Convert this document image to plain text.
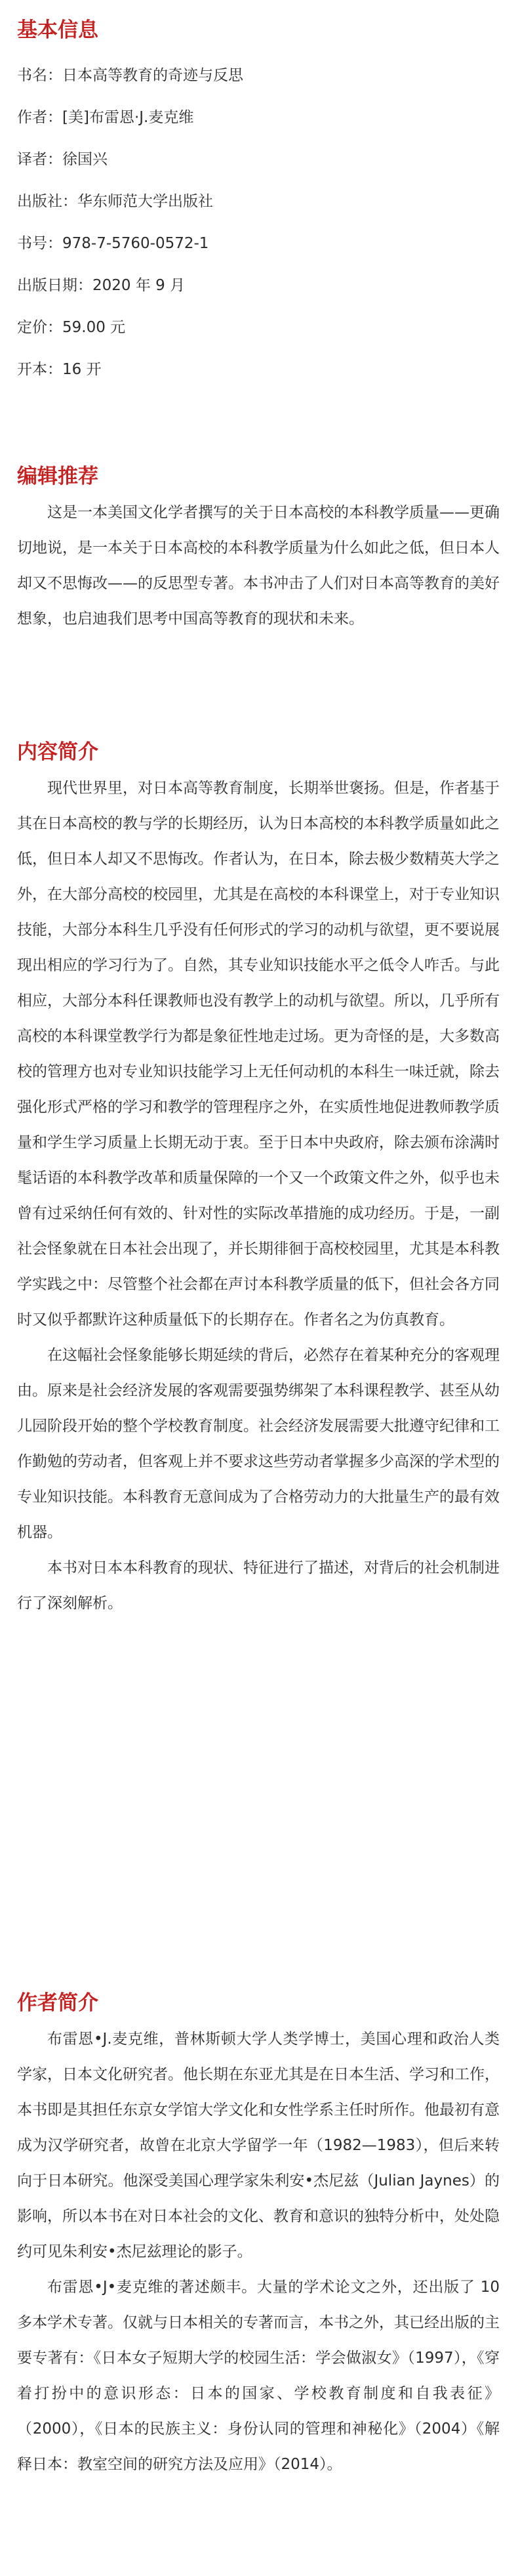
基本信息
书名：日本高等教育的奇迹与反思
作者：[美]布雷恩·J.麦克维
译者：徐国兴
出版社：华东师范大学出版社
书号：978-7-5760-0572-1
出版日期：2020 年 9 月
定价：59.00 元
开本：16 开
编辑推荐

这是一本美国文化学者撰写的关于日本高校的本科教学质量——更确切地说，是一本关于日本高校的本科教学质量为什么如此之低，但日本人却又不思悔改——的反思型专著。本书冲击了人们对日本高等教育的美好想象，也启迪我们思考中国高等教育的现状和未来。

内容简介

现代世界里，对日本高等教育制度，长期举世褒扬。但是，作者基于其在日本高校的教与学的长期经历，认为日本高校的本科教学质量如此之低，但日本人却又不思悔改。作者认为，在日本，除去极少数精英大学之外，在大部分高校的校园里，尤其是在高校的本科课堂上，对于专业知识技能，大部分本科生几乎没有任何形式的学习的动机与欲望，更不要说展现出相应的学习行为了。自然，其专业知识技能水平之低令人咋舌。与此相应，大部分本科任课教师也没有教学上的动机与欲望。所以，几乎所有高校的本科课堂教学行为都是象征性地走过场。更为奇怪的是，大多数高校的管理方也对专业知识技能学习上无任何动机的本科生一味迁就，除去强化形式严格的学习和教学的管理程序之外，在实质性地促进教师教学质量和学生学习质量上长期无动于衷。至于日本中央政府，除去颁布涂满时髦话语的本科教学改革和质量保障的一个又一个政策文件之外，似乎也未曾有过采纳任何有效的、针对性的实际改革措施的成功经历。于是，一副社会怪象就在日本社会出现了，并长期徘徊于高校校园里，尤其是本科教学实践之中：尽管整个社会都在声讨本科教学质量的低下，但社会各方同时又似乎都默许这种质量低下的长期存在。作者名之为仿真教育。

在这幅社会怪象能够长期延续的背后，必然存在着某种充分的客观理由。原来是社会经济发展的客观需要强势绑架了本科课程教学、甚至从幼儿园阶段开始的整个学校教育制度。社会经济发展需要大批遵守纪律和工作勤勉的劳动者，但客观上并不要求这些劳动者掌握多少高深的学术型的专业知识技能。本科教育无意间成为了合格劳动力的大批量生产的最有效机器。

本书对日本本科教育的现状、特征进行了描述，对背后的社会机制进行了深刻解析。

作者简介

布雷恩•J.麦克维，普林斯顿大学人类学博士，美国心理和政治人类学家，日本文化研究者。他长期在东亚尤其是在日本生活、学习和工作，本书即是其担任东京女学馆大学文化和女性学系主任时所作。他最初有意成为汉学研究者，故曾在北京大学留学一年（1982—1983），但后来转向于日本研究。他深受美国心理学家朱利安•杰尼兹（Julian Jaynes）的影响，所以本书在对日本社会的文化、教育和意识的独特分析中，处处隐约可见朱利安•杰尼兹理论的影子。

布雷恩•J•麦克维的著述颇丰。大量的学术论文之外，还出版了 10 多本学术专著。仅就与日本相关的专著而言，本书之外，其已经出版的主要专著有：《日本女子短期大学的校园生活：学会做淑女》（1997），《穿着打扮中的意识形态：日本的国家、学校教育制度和自我表征》（2000），《日本的民族主义：身份认同的管理和神秘化》（2004）《解释日本：教室空间的研究方法及应用》（2014）。
